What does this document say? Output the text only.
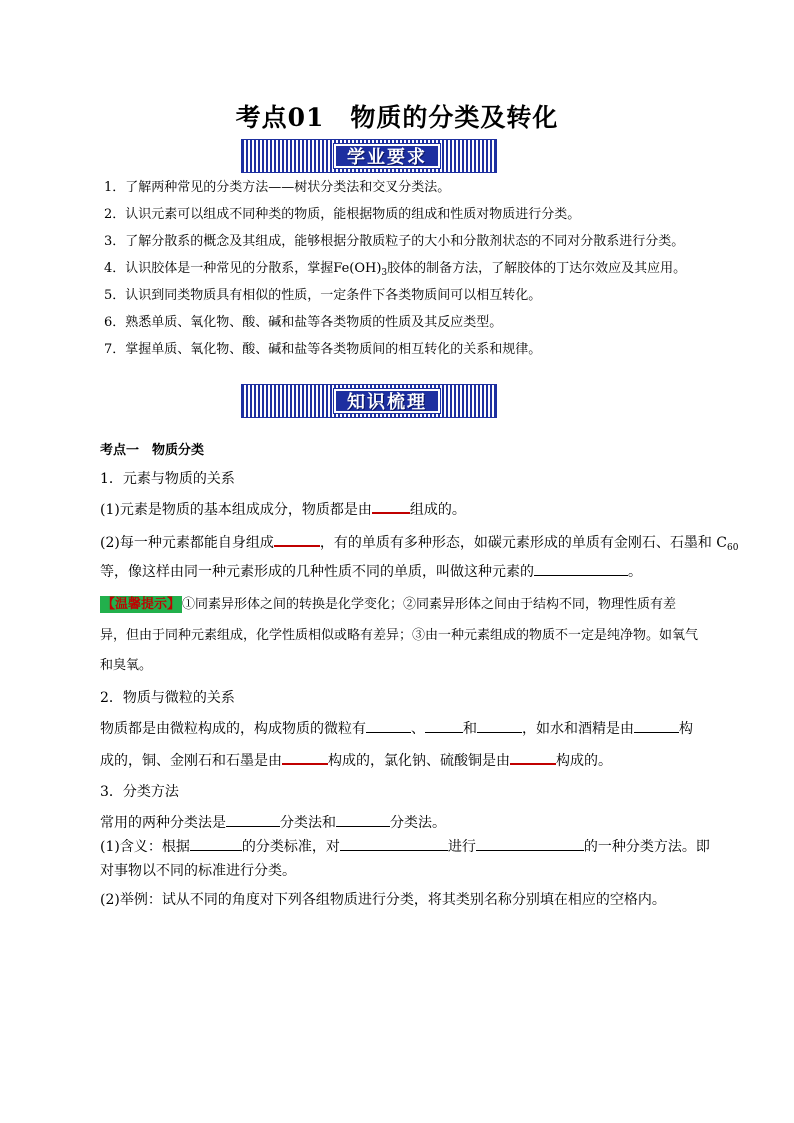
考点01　物质的分类及转化
学业要求
1．了解两种常见的分类方法——树状分类法和交叉分类法。
2．认识元素可以组成不同种类的物质，能根据物质的组成和性质对物质进行分类。
3．了解分散系的概念及其组成，能够根据分散质粒子的大小和分散剂状态的不同对分散系进行分类。
4．认识胶体是一种常见的分散系，掌握$Fe(OH)_3$胶体的制备方法，了解胶体的丁达尔效应及其应用。
5．认识到同类物质具有相似的性质，一定条件下各类物质间可以相互转化。
6．熟悉单质、氧化物、酸、碱和盐等各类物质的性质及其反应类型。
7．掌握单质、氧化物、酸、碱和盐等各类物质间的相互转化的关系和规律。
知识梳理
考点一　物质分类
1．元素与物质的关系
(1)元素是物质的基本组成成分，物质都是由	组成的。
(2)每一种元素都能自身组成	，有的单质有多种形态，如碳元素形成的单质有金刚石、石墨和 $C_{60}$
等，像这样由同一种元素形成的几种性质不同的单质，叫做这种元素的	。
【温馨提示】 ①同素异形体之间的转换是化学变化；②同素异形体之间由于结构不同，物理性质有差
异，但由于同种元素组成，化学性质相似或略有差异；③由一种元素组成的物质不一定是纯净物。如氧气
和臭氧。
2．物质与微粒的关系
物质都是由微粒构成的，构成物质的微粒有	、	和	，如水和酒精是由	构
成的，铜、金刚石和石墨是由	构成的，氯化钠、硫酸铜是由	构成的。
3．分类方法
常用的两种分类法是	分类法和	分类法。
(1)含义：根据	的分类标准，对	进行	的一种分类方法。即
对事物以不同的标准进行分类。
(2)举例：试从不同的角度对下列各组物质进行分类，将其类别名称分别填在相应的空格内。
